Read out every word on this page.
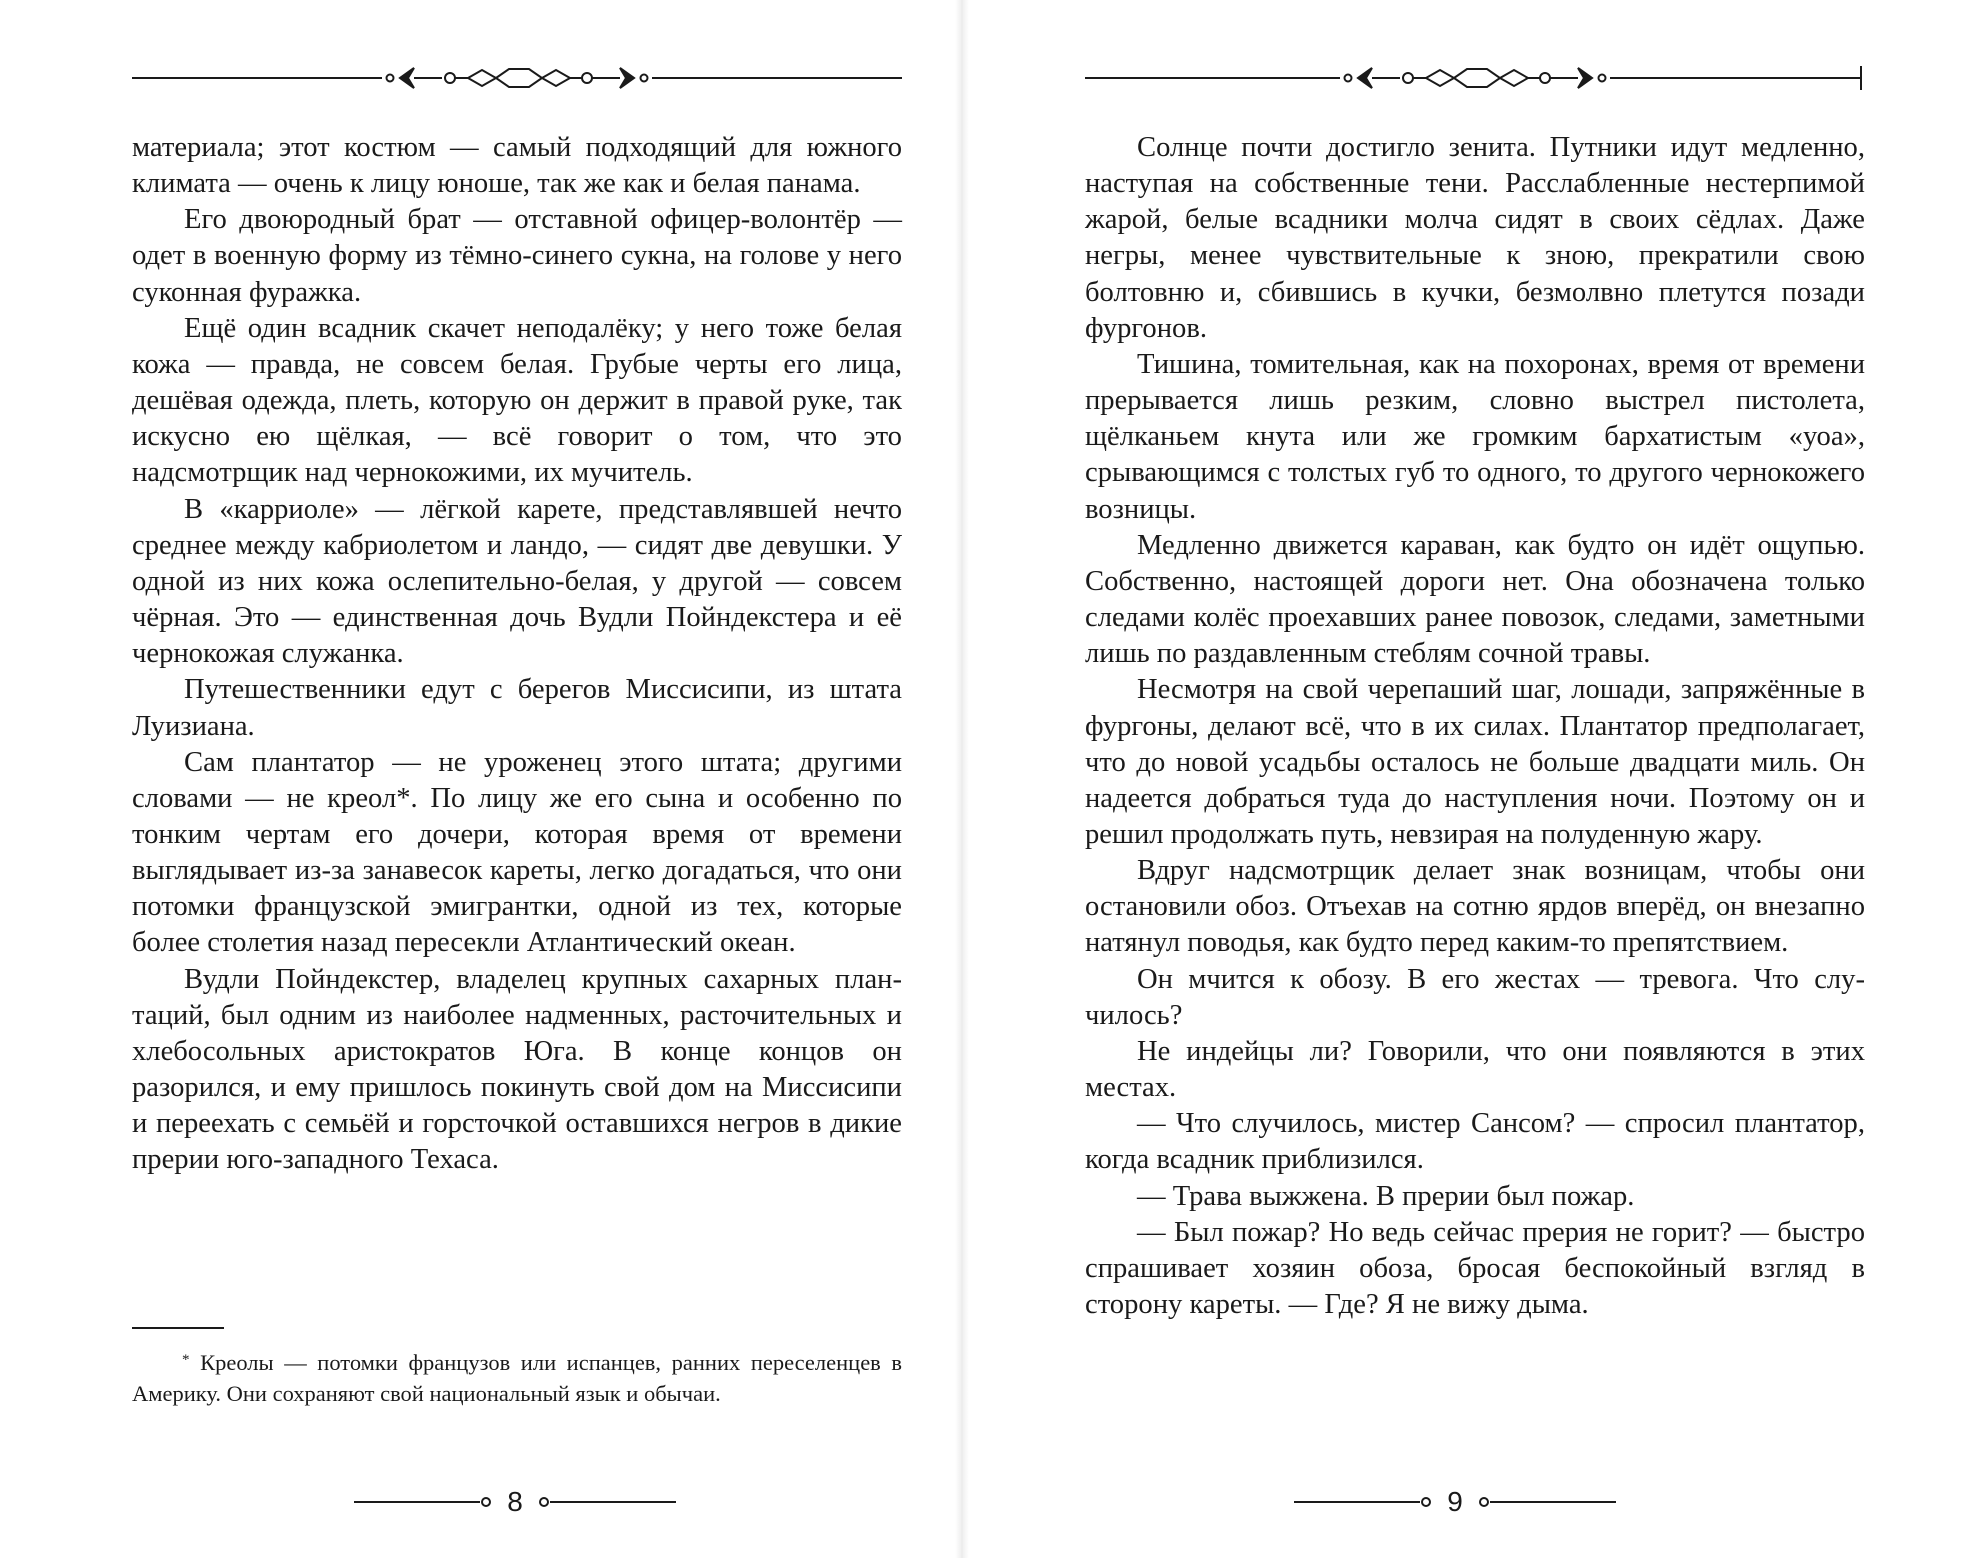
материала; этот костюм — самый подходящий для южного климата — очень к лицу юноше, так же как и белая панама.

Его двоюродный брат — отставной офицер-волонтёр — одет в военную форму из тёмно-синего сукна, на голове у него суконная фуражка.

Ещё один всадник скачет неподалёку; у него тоже белая кожа — правда, не совсем белая. Грубые черты его лица, дешёвая одежда, плеть, которую он держит в правой руке, так искусно ею щёлкая, — всё говорит о том, что это надсмотрщик над чернокожими, их мучитель.

В «карриоле» — лёгкой карете, представлявшей нечто среднее между кабриолетом и ландо, — сидят две девушки. У одной из них кожа ослепительно-белая, у другой — совсем чёрная. Это — единственная дочь Вудли Пойндекстера и её чернокожая служанка.

Путешественники едут с берегов Миссисипи, из штата Луизиана.

Сам плантатор — не уроженец этого штата; другими словами — не креол*. По лицу же его сына и особенно по тонким чертам его дочери, которая время от времени выглядывает из-за занавесок кареты, легко догадаться, что они потомки французской эмигрантки, одной из тех, которые более столетия назад пересекли Атлантический океан.

Вудли Пойндекстер, владелец крупных сахарных плантаций, был одним из наиболее надменных, расточительных и хлебосольных аристократов Юга. В конце концов он разорился, и ему пришлось покинуть свой дом на Миссисипи и переехать с семьёй и горсточкой оставшихся негров в дикие прерии юго-западного Техаса.

* Креолы — потомки французов или испанцев, ранних переселенцев в Америку. Они сохраняют свой национальный язык и обычаи.

8

Солнце почти достигло зенита. Путники идут медленно, наступая на собственные тени. Расслабленные нестерпимой жарой, белые всадники молча сидят в своих сёдлах. Даже негры, менее чувствительные к зною, прекратили свою болтовню и, сбившись в кучки, безмолвно плетутся позади фургонов.

Тишина, томительная, как на похоронах, время от времени прерывается лишь резким, словно выстрел пистолета, щёлканьем кнута или же громким бархатистым «уоа», срывающимся с толстых губ то одного, то другого чернокожего возницы.

Медленно движется караван, как будто он идёт ощупью. Собственно, настоящей дороги нет. Она обозначена только следами колёс проехавших ранее повозок, следами, заметными лишь по раздавленным стеблям сочной травы.

Несмотря на свой черепаший шаг, лошади, запряжённые в фургоны, делают всё, что в их силах. Плантатор предполагает, что до новой усадьбы осталось не больше двадцати миль. Он надеется добраться туда до наступления ночи. Поэтому он и решил продолжать путь, невзирая на полуденную жару.

Вдруг надсмотрщик делает знак возницам, чтобы они остановили обоз. Отъехав на сотню ярдов вперёд, он внезапно натянул поводья, как будто перед каким-то препятствием.

Он мчится к обозу. В его жестах — тревога. Что случилось?

Не индейцы ли? Говорили, что они появляются в этих местах.

— Что случилось, мистер Сансом? — спросил плантатор, когда всадник приблизился.

— Трава выжжена. В прерии был пожар.

— Был пожар? Но ведь сейчас прерия не горит? — быстро спрашивает хозяин обоза, бросая беспокойный взгляд в сторону кареты. — Где? Я не вижу дыма.

9
